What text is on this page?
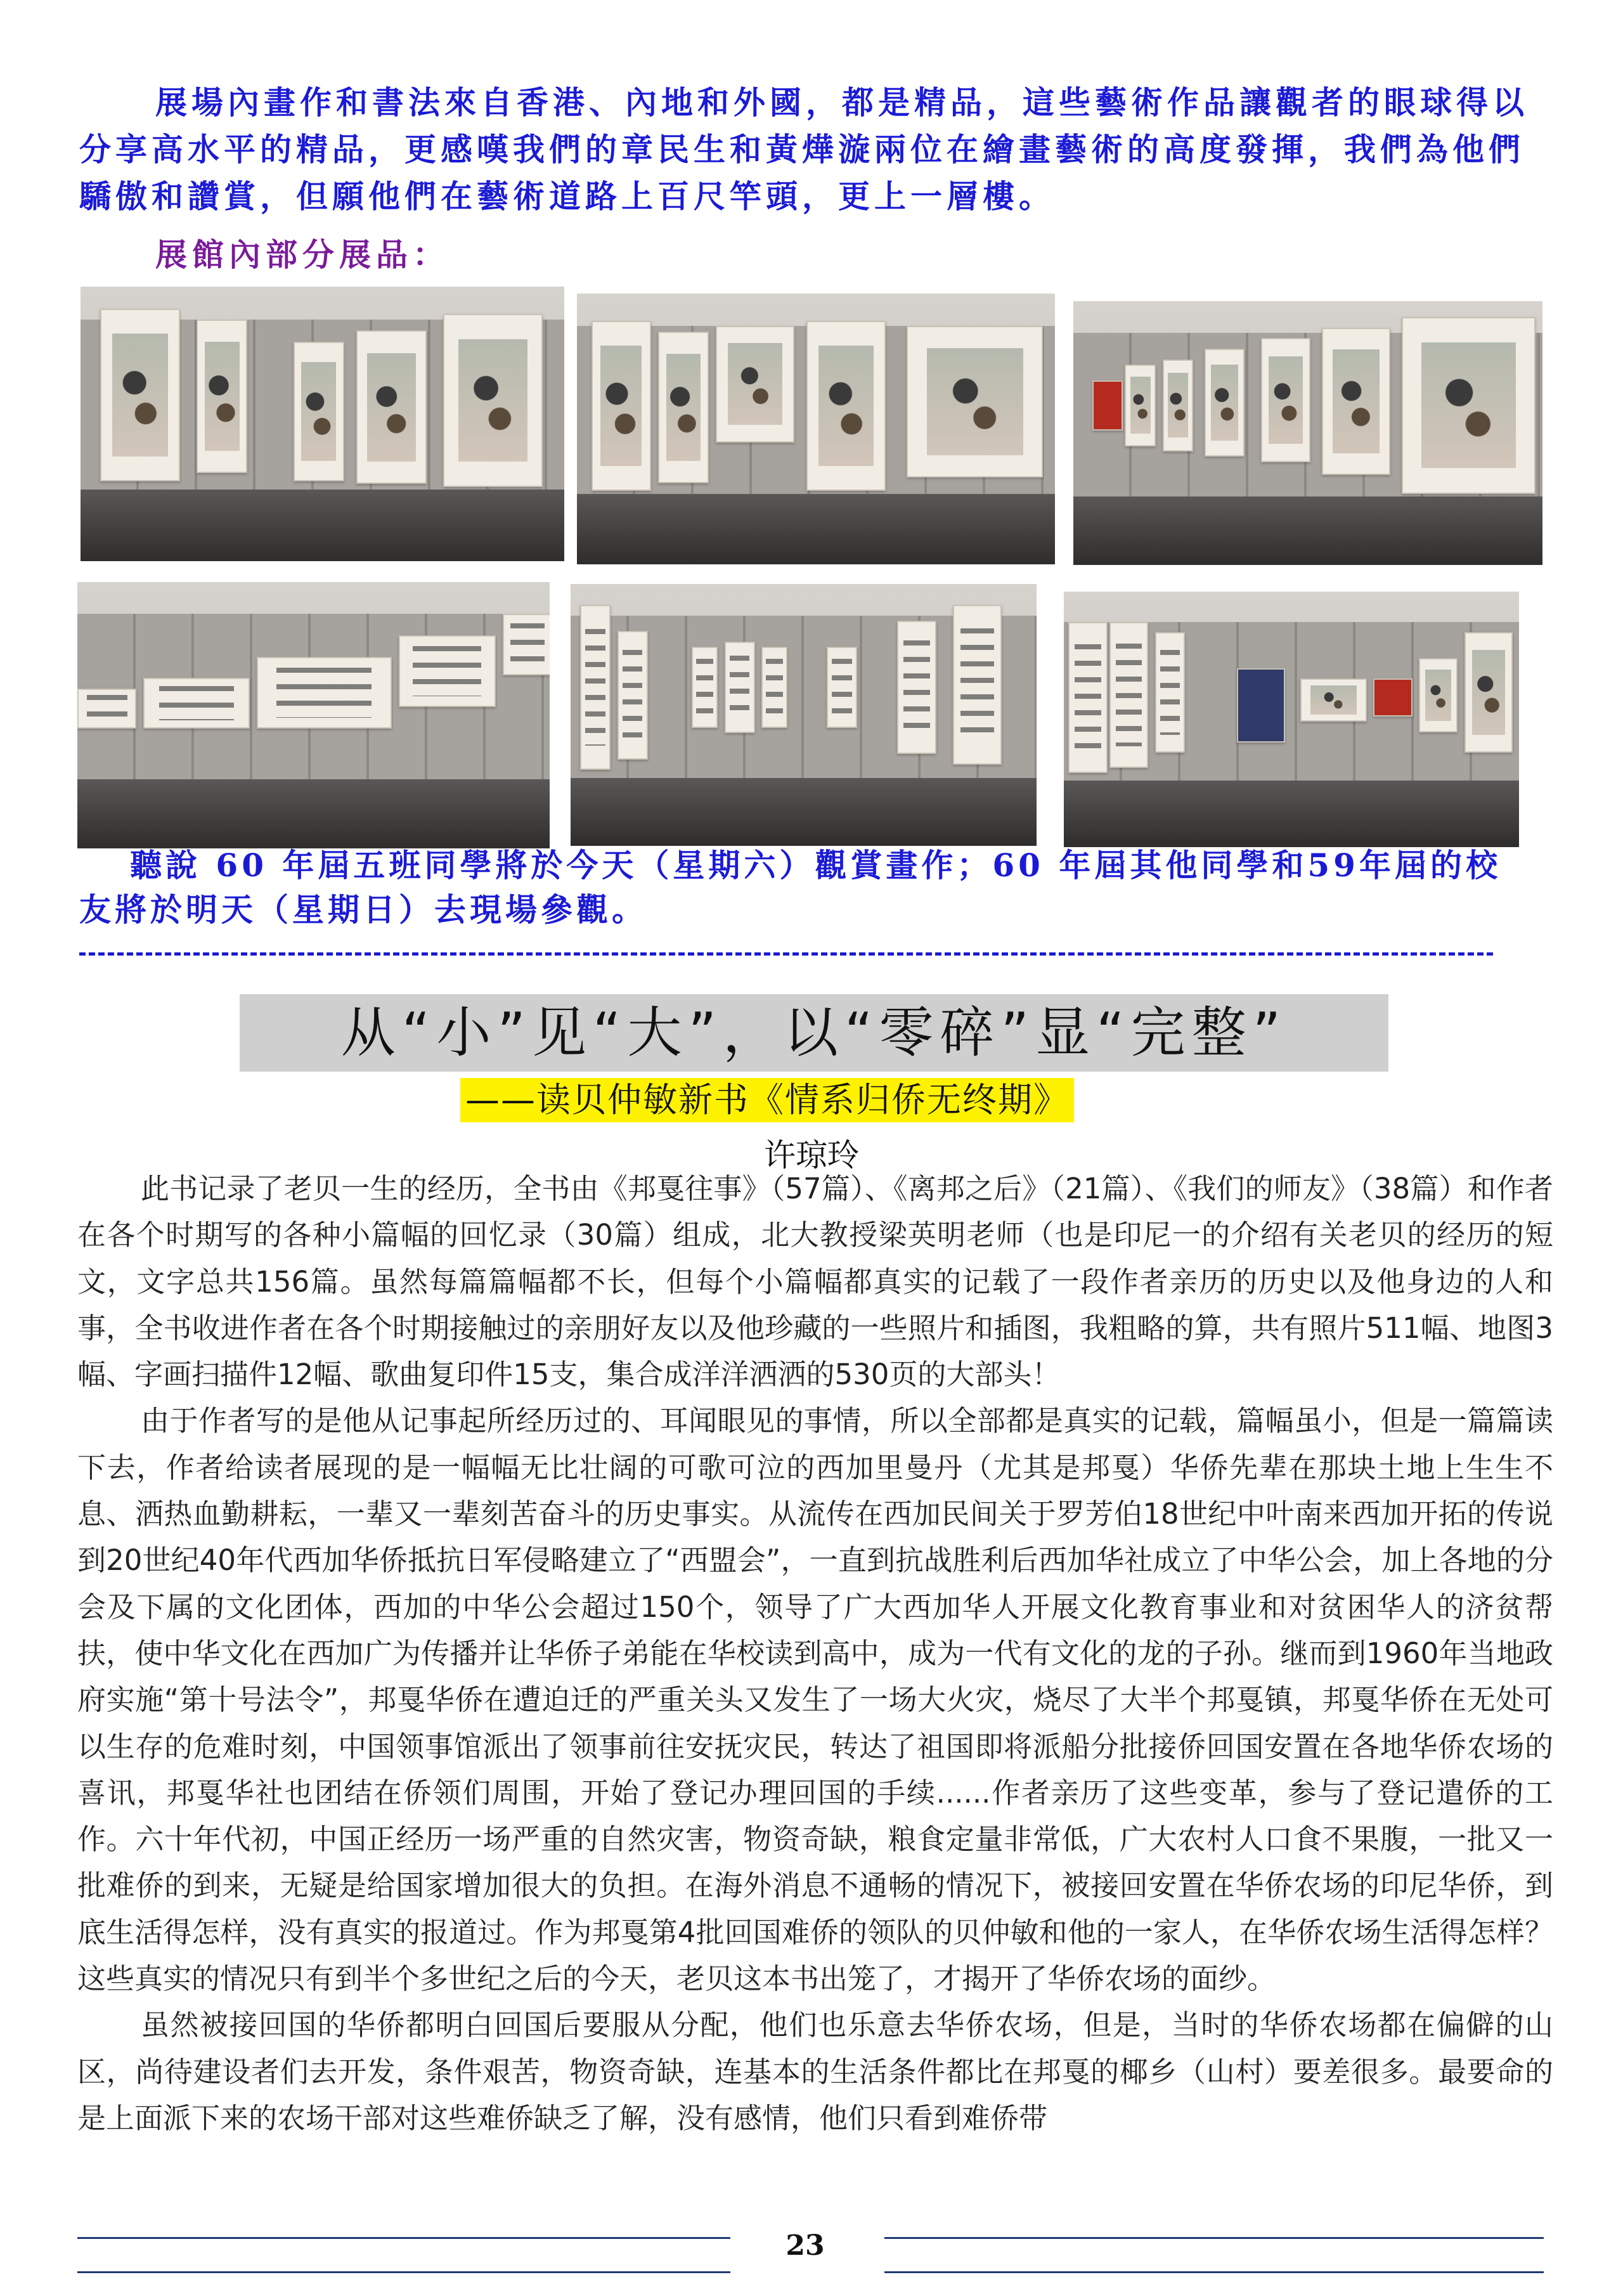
展場內畫作和書法來自香港、內地和外國，都是精品，這些藝術作品讓觀者的眼球得以分享高水平的精品，更感嘆我們的章民生和黃燁漩兩位在繪畫藝術的高度發揮，我們為他們驕傲和讚賞，但願他們在藝術道路上百尺竿頭，更上一層樓。
展館內部分展品：
聽說 60 年屆五班同學將於今天（星期六）觀賞畫作；60 年屆其他同學和59年屆的校友將於明天（星期日）去現場參觀。
从“小”见“大”，以“零碎”显“完整”
——读贝仲敏新书《情系归侨无终期》
许琼玲

此书记录了老贝一生的经历，全书由《邦戛往事》（57篇）、《离邦之后》（21篇）、《我们的师友》（38篇）和作者在各个时期写的各种小篇幅的回忆录（30篇）组成，北大教授梁英明老师（也是印尼一的介绍有关老贝的经历的短文，文字总共156篇。虽然每篇篇幅都不长，但每个小篇幅都真实的记载了一段作者亲历的历史以及他身边的人和事，全书收进作者在各个时期接触过的亲朋好友以及他珍藏的一些照片和插图，我粗略的算，共有照片511幅、地图3幅、字画扫描件12幅、歌曲复印件15支，集合成洋洋洒洒的530页的大部头！

由于作者写的是他从记事起所经历过的、耳闻眼见的事情，所以全部都是真实的记载，篇幅虽小，但是一篇篇读下去，作者给读者展现的是一幅幅无比壮阔的可歌可泣的西加里曼丹（尤其是邦戛）华侨先辈在那块土地上生生不息、洒热血勤耕耘，一辈又一辈刻苦奋斗的历史事实。从流传在西加民间关于罗芳伯18世纪中叶南来西加开拓的传说到20世纪40年代西加华侨抵抗日军侵略建立了“西盟会”，一直到抗战胜利后西加华社成立了中华公会，加上各地的分会及下属的文化团体，西加的中华公会超过150个，领导了广大西加华人开展文化教育事业和对贫困华人的济贫帮扶，使中华文化在西加广为传播并让华侨子弟能在华校读到高中，成为一代有文化的龙的子孙。继而到1960年当地政府实施“第十号法令”，邦戛华侨在遭迫迁的严重关头又发生了一场大火灾，烧尽了大半个邦戛镇，邦戛华侨在无处可以生存的危难时刻，中国领事馆派出了领事前往安抚灾民，转达了祖国即将派船分批接侨回国安置在各地华侨农场的喜讯，邦戛华社也团结在侨领们周围，开始了登记办理回国的手续......作者亲历了这些变革，参与了登记遣侨的工作。六十年代初，中国正经历一场严重的自然灾害，物资奇缺，粮食定量非常低，广大农村人口食不果腹，一批又一批难侨的到来，无疑是给国家增加很大的负担。在海外消息不通畅的情况下，被接回安置在华侨农场的印尼华侨，到底生活得怎样，没有真实的报道过。作为邦戛第4批回国难侨的领队的贝仲敏和他的一家人，在华侨农场生活得怎样？这些真实的情况只有到半个多世纪之后的今天，老贝这本书出笼了，才揭开了华侨农场的面纱。

虽然被接回国的华侨都明白回国后要服从分配，他们也乐意去华侨农场，但是，当时的华侨农场都在偏僻的山区，尚待建设者们去开发，条件艰苦，物资奇缺，连基本的生活条件都比在邦戛的椰乡（山村）要差很多。最要命的是上面派下来的农场干部对这些难侨缺乏了解，没有感情，他们只看到难侨带

23
